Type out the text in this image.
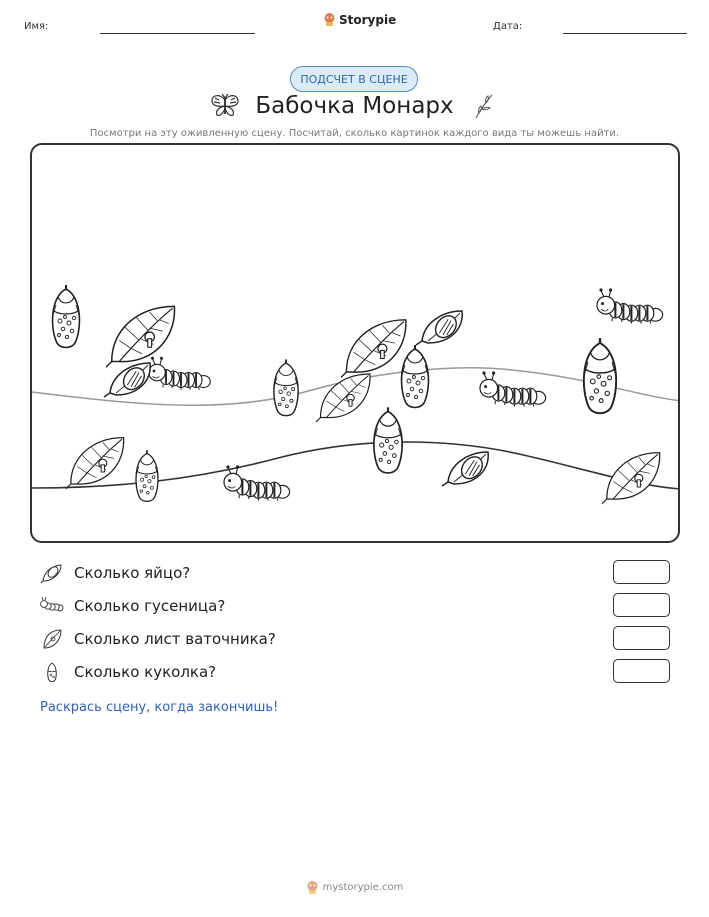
Имя:	Storypie	Дата:
ПОДСЧЕТ В СЦЕНЕ
Бабочка Монарх
Посмотри на эту оживленную сцену. Посчитай, сколько картинок каждого вида ты можешь найти.
Сколько яйцо?
Сколько гусеница?
Сколько лист ваточника?
Сколько куколка?
Раскрась сцену, когда закончишь!
mystorypie.com
